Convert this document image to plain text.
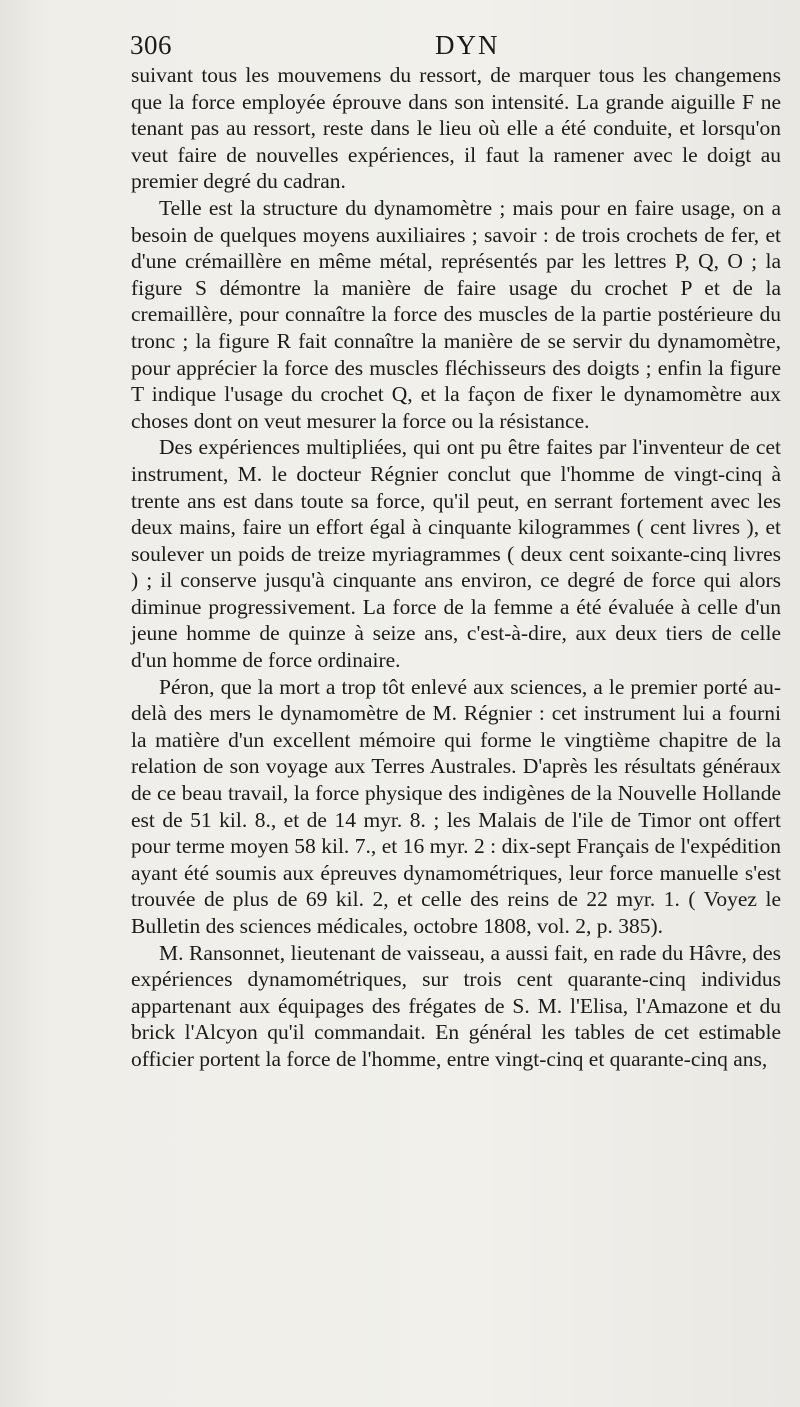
306	DYN

suivant tous les mouvemens du ressort, de marquer tous les changemens que la force employée éprouve dans son intensité. La grande aiguille F ne tenant pas au ressort, reste dans le lieu où elle a été conduite, et lorsqu'on veut faire de nouvelles expériences, il faut la ramener avec le doigt au premier degré du cadran.

Telle est la structure du dynamomètre ; mais pour en faire usage, on a besoin de quelques moyens auxiliaires ; savoir : de trois crochets de fer, et d'une crémaillère en même métal, représentés par les lettres P, Q, O ; la figure S démontre la manière de faire usage du crochet P et de la cremaillère, pour connaître la force des muscles de la partie postérieure du tronc ; la figure R fait connaître la manière de se servir du dynamomètre, pour apprécier la force des muscles fléchisseurs des doigts ; enfin la figure T indique l'usage du crochet Q, et la façon de fixer le dynamomètre aux choses dont on veut mesurer la force ou la résistance.

Des expériences multipliées, qui ont pu être faites par l'inventeur de cet instrument, M. le docteur Régnier conclut que l'homme de vingt-cinq à trente ans est dans toute sa force, qu'il peut, en serrant fortement avec les deux mains, faire un effort égal à cinquante kilogrammes ( cent livres ), et soulever un poids de treize myriagrammes ( deux cent soixante-cinq livres ) ; il conserve jusqu'à cinquante ans environ, ce degré de force qui alors diminue progressivement. La force de la femme a été évaluée à celle d'un jeune homme de quinze à seize ans, c'est-à-dire, aux deux tiers de celle d'un homme de force ordinaire.

Péron, que la mort a trop tôt enlevé aux sciences, a le premier porté au-delà des mers le dynamomètre de M. Régnier : cet instrument lui a fourni la matière d'un excellent mémoire qui forme le vingtième chapitre de la relation de son voyage aux Terres Australes. D'après les résultats généraux de ce beau travail, la force physique des indigènes de la Nouvelle Hollande est de 51 kil. 8., et de 14 myr. 8. ; les Malais de l'ile de Timor ont offert pour terme moyen 58 kil. 7., et 16 myr. 2 : dix-sept Français de l'expédition ayant été soumis aux épreuves dynamométriques, leur force manuelle s'est trouvée de plus de 69 kil. 2, et celle des reins de 22 myr. 1. ( Voyez le Bulletin des sciences médicales, octobre 1808, vol. 2, p. 385).

M. Ransonnet, lieutenant de vaisseau, a aussi fait, en rade du Hâvre, des expériences dynamométriques, sur trois cent quarante-cinq individus appartenant aux équipages des frégates de S. M. l'Elisa, l'Amazone et du brick l'Alcyon qu'il commandait. En général les tables de cet estimable officier portent la force de l'homme, entre vingt-cinq et quarante-cinq ans,
